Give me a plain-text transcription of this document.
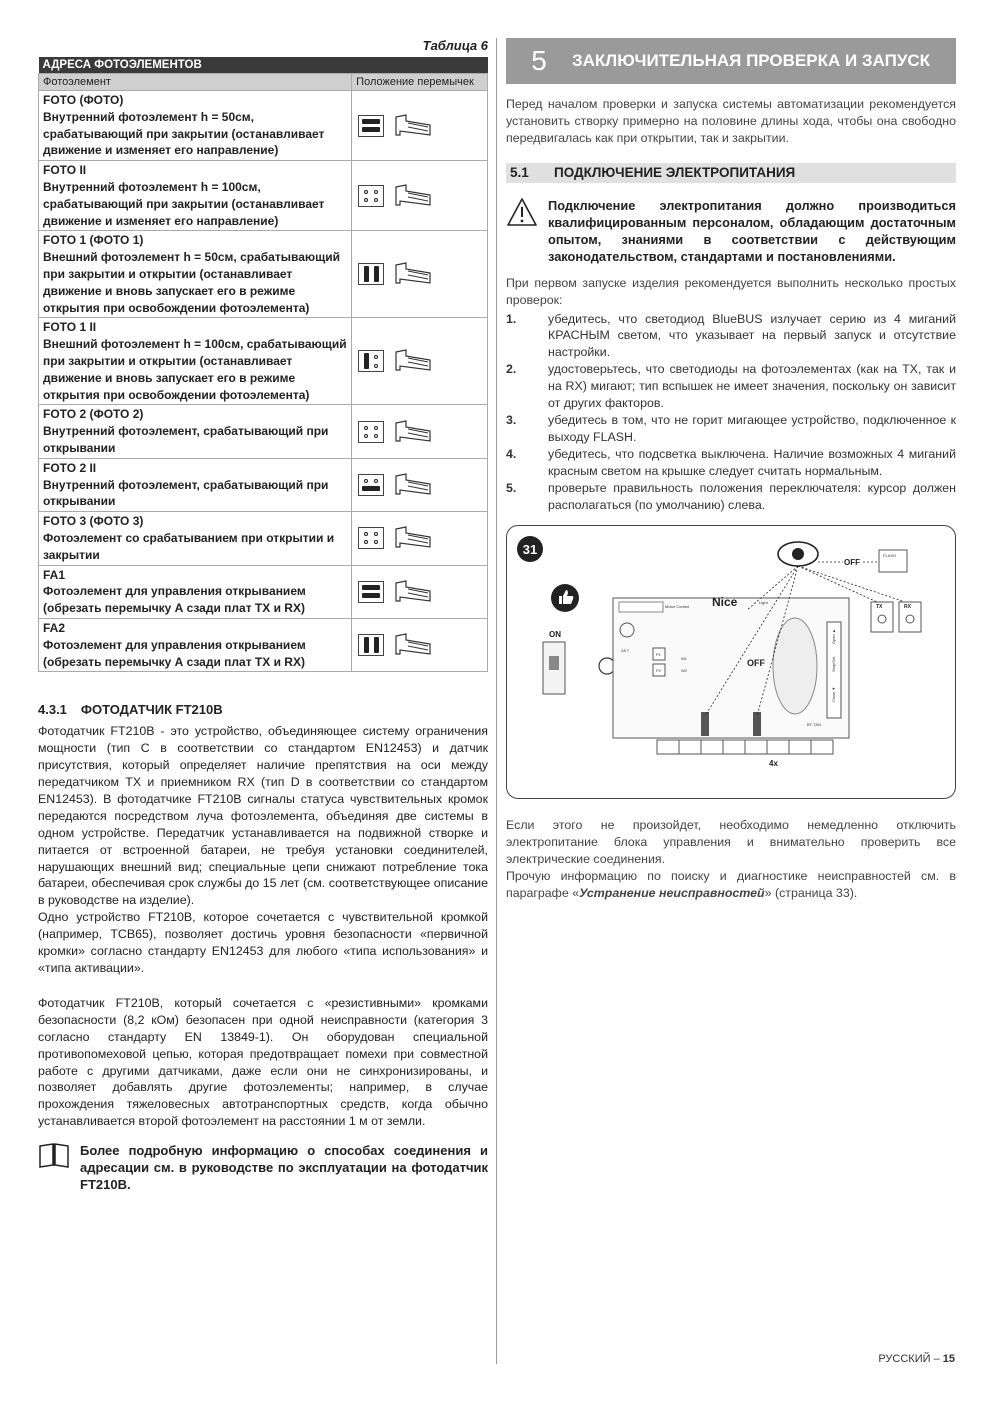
Таблица 6
АДРЕСА ФОТОЭЛЕМЕНТОВ	
Фотоэлемент	Положение перемычек

FOTO (ФОТО)
Внутренний фотоэлемент h = 50см, срабатывающий при закрытии (останавливает движение и изменяет его направление)

FOTO II
Внутренний фотоэлемент h = 100см, срабатывающий при закрытии (останавливает движение и изменяет его направление)

FOTO 1 (ФОТО 1)
Внешний фотоэлемент h = 50см, срабатывающий при закрытии и открытии (останавливает движение и вновь запускает его в режиме открытия при освобождении фотоэлемента)

FOTO 1 II
Внешний фотоэлемент h = 100см, срабатывающий при закрытии и открытии (останавливает движение и вновь запускает его в режиме открытия при освобождении фотоэлемента)

FOTO 2 (ФОТО 2)
Внутренний фотоэлемент, срабатывающий при открывании

FOTO 2 II
Внутренний фотоэлемент, срабатывающий при открывании

FOTO 3 (ФОТО 3)
Фотоэлемент со срабатыванием при открытии и закрытии

FA1
Фотоэлемент для управления открыванием (обрезать перемычку А сзади плат TX и RX)

FA2
Фотоэлемент для управления открыванием (обрезать перемычку А сзади плат TX и RX)

4.3.1 ФОТОДАТЧИК FT210B

Фотодатчик FT210B - это устройство, объединяющее систему ограничения мощности (тип C в соответствии со стандартом EN12453) и датчик присутствия, который определяет наличие препятствия на оси между передатчиком TX и приемником RX (тип D в соответствии со стандартом EN12453). В фотодатчике FT210B сигналы статуса чувствительных кромок передаются посредством луча фотоэлемента, объединяя две системы в одном устройстве. Передатчик устанавливается на подвижной створке и питается от встроенной батареи, не требуя установки соединителей, нарушающих внешний вид; специальные цепи снижают потребление тока батареи, обеспечивая срок службы до 15 лет (см. соответствующее описание в руководстве на изделие).

Одно устройство FT210B, которое сочетается с чувствительной кромкой (например, TCB65), позволяет достичь уровня безопасности «первичной кромки» согласно стандарту EN12453 для любого «типа использования» и «типа активации».

Фотодатчик FT210B, который сочетается с «резистивными» кромками безопасности (8,2 кОм) безопасен при одной неисправности (категория 3 согласно стандарту EN 13849-1). Он оборудован специальной противопомеховой цепью, которая предотвращает помехи при совместной работе с другими датчиками, даже если они не синхронизированы, и позволяет добавлять другие фотоэлементы; например, в случае прохождения тяжеловесных автотранспортных средств, когда обычно устанавливается второй фотоэлемент на расстоянии 1 м от земли.

Более подробную информацию о способах соединения и адресации см. в руководстве по эксплуатации на фотодатчик FT210B.

5	ЗАКЛЮЧИТЕЛЬНАЯ ПРОВЕРКА И ЗАПУСК

Перед началом проверки и запуска системы автоматизации рекомендуется установить створку примерно на половине длины хода, чтобы она свободно передвигалась как при открытии, так и закрытии.

5.1	ПОДКЛЮЧЕНИЕ ЭЛЕКТРОПИТАНИЯ

Подключение электропитания должно производиться квалифицированным персоналом, обладающим достаточным опытом, знаниями в соответствии с действующим законодательством, стандартами и постановлениями.

При первом запуске изделия рекомендуется выполнить несколько простых проверок:

1.	убедитесь, что светодиод BlueBUS излучает серию из 4 миганий КРАСНЫМ светом, что указывает на первый запуск и отсутствие настройки.
2.	удостоверьтесь, что светодиоды на фотоэлементах (как на TX, так и на RX) мигают; тип вспышек не имеет значения, поскольку он зависит от других факторов.
3.	убедитесь в том, что не горит мигающее устройство, подключенное к выходу FLASH.
4.	убедитесь, что подсветка выключена. Наличие возможных 4 миганий красным светом на крышке следует считать нормальным.
5.	проверьте правильность положения переключателя: курсор должен располагаться (по умолчанию) слева.
ON
Motor Control Nice	Light
2A T
P1
P2
W1
W2
OFF
Open ▲
Stop/Set
Close ▼
BT-TAN
4x
OFF
FLASH
TX	RX
31

Если этого не произойдет, необходимо немедленно отключить электропитание блока управления и внимательно проверить все электрические соединения.

Прочую информацию по поиску и диагностике неисправностей см. в параграфе «Устранение неисправностей» (страница 33).

РУССКИЙ – 15
